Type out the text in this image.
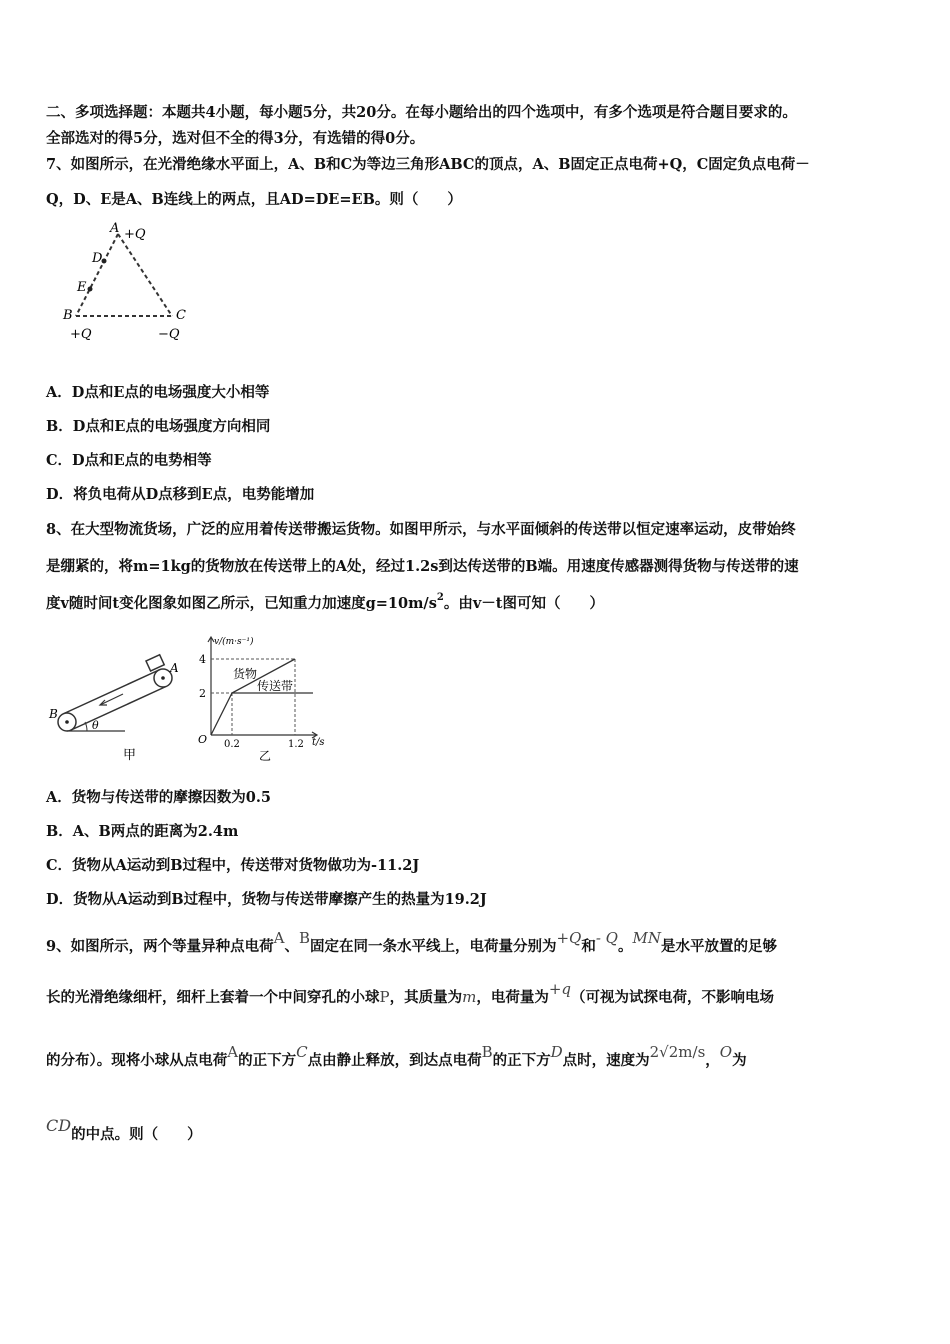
二、多项选择题：本题共4小题，每小题5分，共20分。在每小题给出的四个选项中，有多个选项是符合题目要求的。
全部选对的得5分，选对但不全的得3分，有选错的得0分。
7、如图所示，在光滑绝缘水平面上，A、B和C为等边三角形ABC的顶点，A、B固定正点电荷+Q，C固定负点电荷－
Q，D、E是A、B连线上的两点，且AD=DE=EB。则（　　）
A +Q
D
E
B	C
+Q	−Q
A．D点和E点的电场强度大小相等
B．D点和E点的电场强度方向相同
C．D点和E点的电势相等
D．将负电荷从D点移到E点，电势能增加
8、在大型物流货场，广泛的应用着传送带搬运货物。如图甲所示，与水平面倾斜的传送带以恒定速率运动，皮带始终
是绷紧的，将m=1kg的货物放在传送带上的A处，经过1.2s到达传送带的B端。用速度传感器测得货物与传送带的速
度v随时间t变化图象如图乙所示，已知重力加速度$g=10m/s^2$。由v－t图可知（　　）
A
B
θ
甲
v/(m·s⁻¹)
t/s
O
4
2
0.2	1.2
货物
传送带
乙
A．货物与传送带的摩擦因数为0.5
B．A、B两点的距离为2.4m
C．货物从A运动到B过程中，传送带对货物做功为-11.2J
D．货物从A运动到B过程中，货物与传送带摩擦产生的热量为19.2J
9、如图所示，两个等量异种点电荷A、B固定在同一条水平线上，电荷量分别为+Q和- Q。MN是水平放置的足够
长的光滑绝缘细杆，细杆上套着一个中间穿孔的小球P，其质量为m，电荷量为+q（可视为试探电荷，不影响电场
的分布）。现将小球从点电荷A的正下方C点由静止释放，到达点电荷B的正下方D点时，速度为2√2m/s，O为
CD的中点。则（　　）
